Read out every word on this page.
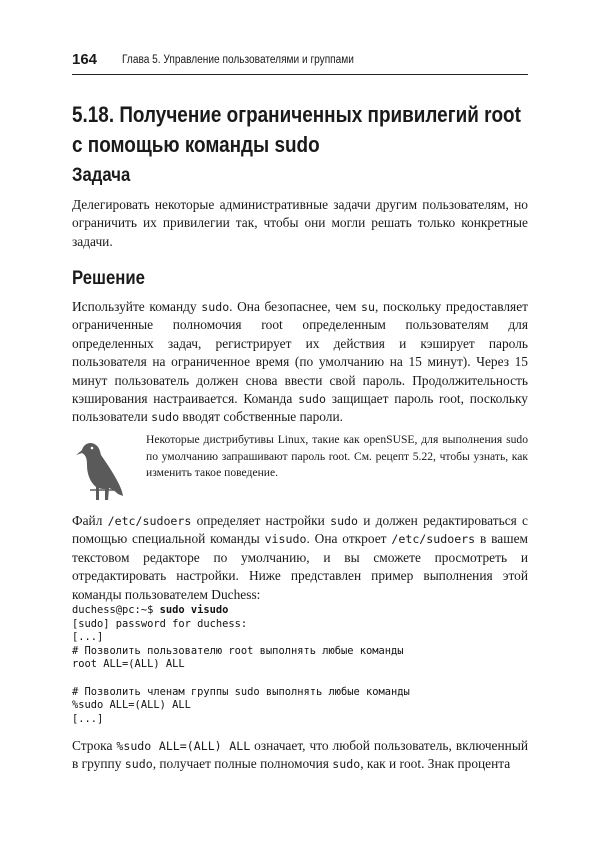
164 Глава 5. Управление пользователями и группами
5.18. Получение ограниченных привилегий root
с помощью команды sudo
Задача
Делегировать некоторые административные задачи другим пользователям, но ограничить их привилегии так, чтобы они могли решать только конкретные задачи.
Решение
Используйте команду sudo. Она безопаснее, чем su, поскольку предоставляет ограниченные полномочия root определенным пользователям для определенных задач, регистрирует их действия и кэширует пароль пользователя на ограниченное время (по умолчанию на 15 минут). Через 15 минут пользователь должен снова ввести свой пароль. Продолжительность кэширования настраивается. Команда sudo защищает пароль root, поскольку пользователи sudo вводят собственные пароли.
Некоторые дистрибутивы Linux, такие как openSUSE, для выполнения sudo по умолчанию запрашивают пароль root. См. рецепт 5.22, чтобы узнать, как изменить такое поведение.
Файл /etc/sudoers определяет настройки sudo и должен редактироваться с помощью специальной команды visudo. Она откроет /etc/sudoers в вашем текстовом редакторе по умолчанию, и вы сможете просмотреть и отредактировать настройки. Ниже представлен пример выполнения этой команды пользователем Duchess:
duchess@pc:~$ sudo visudo
[sudo] password for duchess:
[...]
# Позволить пользователю root выполнять любые команды
root ALL=(ALL) ALL

# Позволить членам группы sudo выполнять любые команды
%sudo ALL=(ALL) ALL
[...]
Строка %sudo ALL=(ALL) ALL означает, что любой пользователь, включенный в группу sudo, получает полные полномочия sudo, как и root. Знак процента
